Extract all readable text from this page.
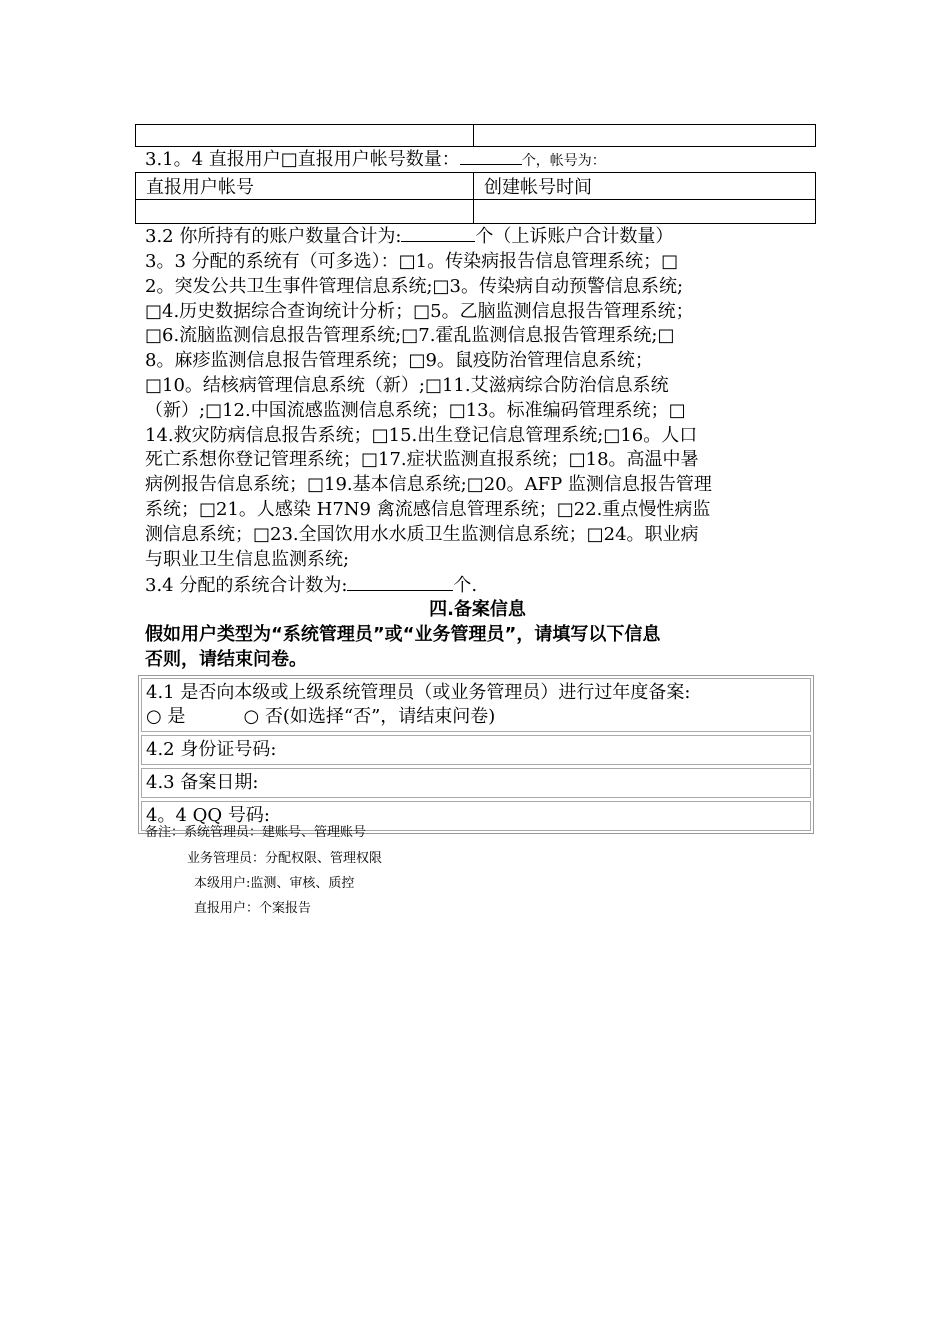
3.1。4 直报用户□直报用户帐号数量：	个，帐号为：
直报用户帐号	创建帐号时间

3.2 你所持有的账户数量合计为:	个（上诉账户合计数量）
3。3 分配的系统有（可多选）：□1。传染病报告信息管理系统；□
2。突发公共卫生事件管理信息系统;□3。传染病自动预警信息系统;
□4.历史数据综合查询统计分析；□5。乙脑监测信息报告管理系统；
□6.流脑监测信息报告管理系统;□7.霍乱监测信息报告管理系统;□
8。麻疹监测信息报告管理系统；□9。鼠疫防治管理信息系统；
□10。结核病管理信息系统（新）;□11.艾滋病综合防治信息系统
（新）;□12.中国流感监测信息系统；□13。标准编码管理系统；□
14.救灾防病信息报告系统；□15.出生登记信息管理系统;□16。人口
死亡系想你登记管理系统；□17.症状监测直报系统；□18。高温中暑
病例报告信息系统；□19.基本信息系统;□20。AFP 监测信息报告管理
系统；□21。人感染 H7N9 禽流感信息管理系统；□22.重点慢性病监
测信息系统；□23.全国饮用水水质卫生监测信息系统；□24。职业病
与职业卫生信息监测系统;
3.4 分配的系统合计数为:	个.
四.备案信息
假如用户类型为“系统管理员”或“业务管理员”，请填写以下信息
否则，请结束问卷。
4.1 是否向本级或上级系统管理员（或业务管理员）进行过年度备案:
○ 是	○ 否(如选择“否”，请结束问卷)
4.2 身份证号码:
4.3 备案日期:
4。4 QQ 号码:
备注：系统管理员：建账号、管理账号
业务管理员：分配权限、管理权限
本级用户:监测、审核、质控
直报用户：个案报告
